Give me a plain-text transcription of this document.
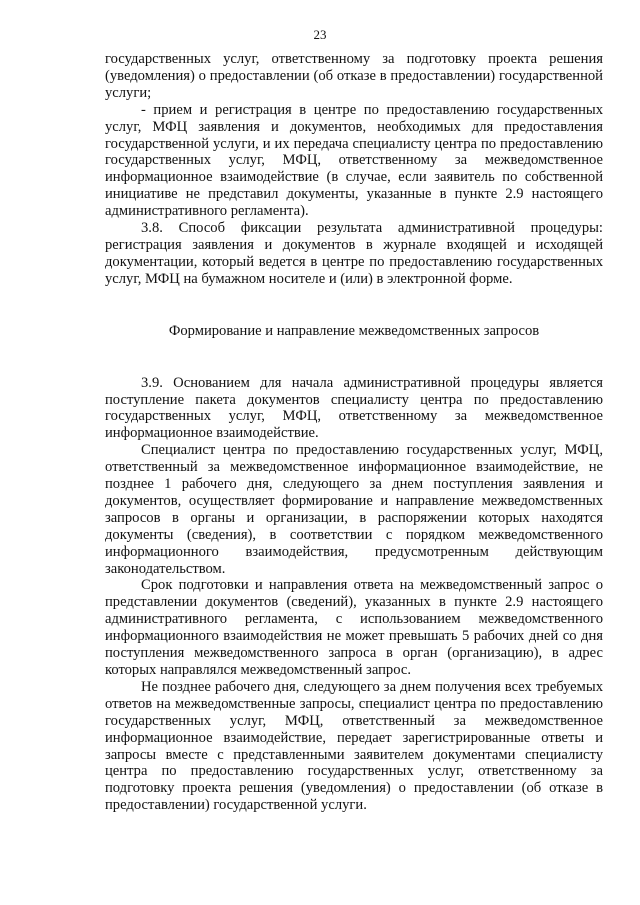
23

государственных услуг, ответственному за подготовку проекта решения (уведомления) о предоставлении (об отказе в предоставлении) государственной услуги;

- прием и регистрация в центре по предоставлению государственных услуг, МФЦ заявления и документов, необходимых для предоставления государственной услуги, и их передача специалисту центра по предоставлению государственных услуг, МФЦ, ответственному за межведомственное информационное взаимодействие (в случае, если заявитель по собственной инициативе не представил документы, указанные в пункте 2.9 настоящего административного регламента).

3.8. Способ фиксации результата административной процедуры: регистрация заявления и документов в журнале входящей и исходящей документации, который ведется в центре по предоставлению государственных услуг, МФЦ на бумажном носителе и (или) в электронной форме.

Формирование и направление межведомственных запросов

3.9. Основанием для начала административной процедуры является поступление пакета документов специалисту центра по предоставлению государственных услуг, МФЦ, ответственному за межведомственное информационное взаимодействие.

Специалист центра по предоставлению государственных услуг, МФЦ, ответственный за межведомственное информационное взаимодействие, не позднее 1 рабочего дня, следующего за днем поступления заявления и документов, осуществляет формирование и направление межведомственных запросов в органы и организации, в распоряжении которых находятся документы (сведения), в соответствии с порядком межведомственного информационного взаимодействия, предусмотренным действующим законодательством.

Срок подготовки и направления ответа на межведомственный запрос о представлении документов (сведений), указанных в пункте 2.9 настоящего административного регламента, с использованием межведомственного информационного взаимодействия не может превышать 5 рабочих дней со дня поступления межведомственного запроса в орган (организацию), в адрес которых направлялся межведомственный запрос.

Не позднее рабочего дня, следующего за днем получения всех требуемых ответов на межведомственные запросы, специалист центра по предоставлению государственных услуг, МФЦ, ответственный за межведомственное информационное взаимодействие, передает зарегистрированные ответы и запросы вместе с представленными заявителем документами специалисту центра по предоставлению государственных услуг, ответственному за подготовку проекта решения (уведомления) о предоставлении (об отказе в предоставлении) государственной услуги.
